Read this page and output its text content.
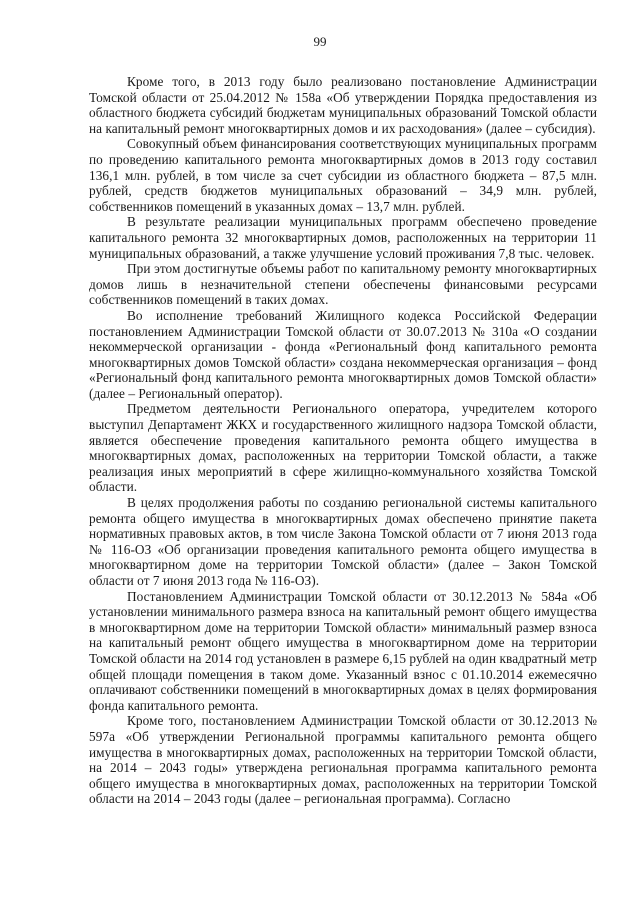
99

Кроме того, в 2013 году было реализовано постановление Администрации Томской области от 25.04.2012 № 158а «Об утверждении Порядка предоставления из областного бюджета субсидий бюджетам муниципальных образований Томской области на капитальный ремонт многоквартирных домов и их расходования» (далее – субсидия).

Совокупный объем финансирования соответствующих муниципальных программ по проведению капитального ремонта многоквартирных домов в 2013 году составил 136,1 млн. рублей, в том числе за счет субсидии из областного бюджета – 87,5 млн. рублей, средств бюджетов муниципальных образований – 34,9 млн. рублей, собственников помещений в указанных домах – 13,7 млн. рублей.

В результате реализации муниципальных программ обеспечено проведение капитального ремонта 32 многоквартирных домов, расположенных на территории 11 муниципальных образований, а также улучшение условий проживания 7,8 тыс. человек.

При этом достигнутые объемы работ по капитальному ремонту многоквартирных домов лишь в незначительной степени обеспечены финансовыми ресурсами собственников помещений в таких домах.

Во исполнение требований Жилищного кодекса Российской Федерации постановлением Администрации Томской области от 30.07.2013 № 310а «О создании некоммерческой организации - фонда «Региональный фонд капитального ремонта многоквартирных домов Томской области» создана некоммерческая организация – фонд «Региональный фонд капитального ремонта многоквартирных домов Томской области» (далее – Региональный оператор).

Предметом деятельности Регионального оператора, учредителем которого выступил Департамент ЖКХ и государственного жилищного надзора Томской области, является обеспечение проведения капитального ремонта общего имущества в многоквартирных домах, расположенных на территории Томской области, а также реализация иных мероприятий в сфере жилищно-коммунального хозяйства Томской области.

В целях продолжения работы по созданию региональной системы капитального ремонта общего имущества в многоквартирных домах обеспечено принятие пакета нормативных правовых актов, в том числе Закона Томской области от 7 июня 2013 года № 116-ОЗ «Об организации проведения капитального ремонта общего имущества в многоквартирном доме на территории Томской области» (далее – Закон Томской области от 7 июня 2013 года № 116-ОЗ).

Постановлением Администрации Томской области от 30.12.2013 № 584а «Об установлении минимального размера взноса на капитальный ремонт общего имущества в многоквартирном доме на территории Томской области» минимальный размер взноса на капитальный ремонт общего имущества в многоквартирном доме на территории Томской области на 2014 год установлен в размере 6,15 рублей на один квадратный метр общей площади помещения в таком доме. Указанный взнос с 01.10.2014 ежемесячно оплачивают собственники помещений в многоквартирных домах в целях формирования фонда капитального ремонта.

Кроме того, постановлением Администрации Томской области от 30.12.2013 № 597а «Об утверждении Региональной программы капитального ремонта общего имущества в многоквартирных домах, расположенных на территории Томской области, на 2014 – 2043 годы» утверждена региональная программа капитального ремонта общего имущества в многоквартирных домах, расположенных на территории Томской области на 2014 – 2043 годы (далее – региональная программа). Согласно
